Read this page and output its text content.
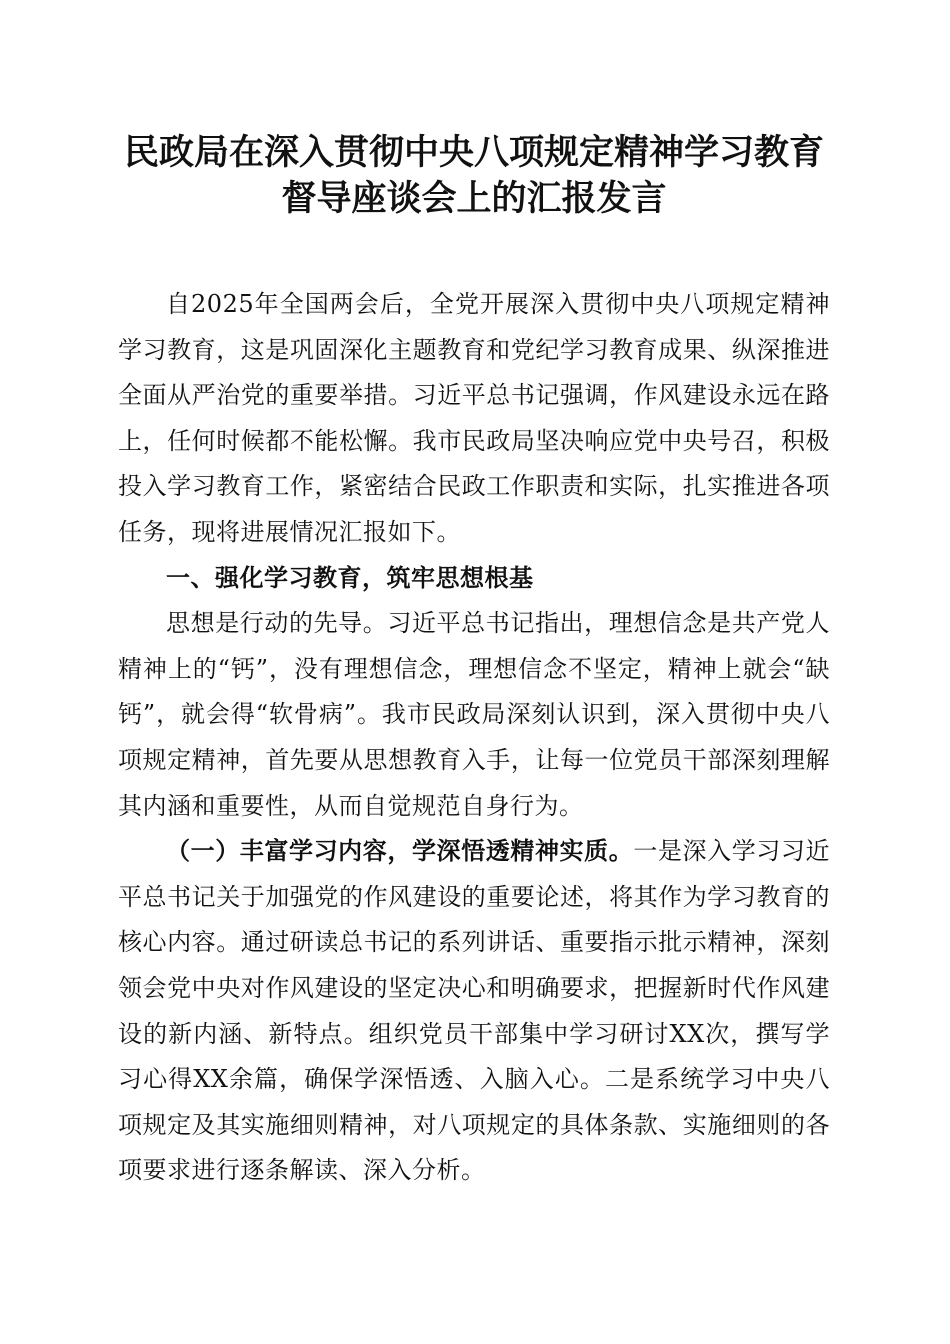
民政局在深入贯彻中央八项规定精神学习教育
督导座谈会上的汇报发言

自2025年全国两会后，全党开展深入贯彻中央八项规定精神学习教育，这是巩固深化主题教育和党纪学习教育成果、纵深推进全面从严治党的重要举措。习近平总书记强调，作风建设永远在路上，任何时候都不能松懈。我市民政局坚决响应党中央号召，积极投入学习教育工作，紧密结合民政工作职责和实际，扎实推进各项任务，现将进展情况汇报如下。

一、强化学习教育，筑牢思想根基

思想是行动的先导。习近平总书记指出，理想信念是共产党人精神上的“钙”，没有理想信念，理想信念不坚定，精神上就会“缺钙”，就会得“软骨病”。我市民政局深刻认识到，深入贯彻中央八项规定精神，首先要从思想教育入手，让每一位党员干部深刻理解其内涵和重要性，从而自觉规范自身行为。

（一）丰富学习内容，学深悟透精神实质。一是深入学习习近平总书记关于加强党的作风建设的重要论述，将其作为学习教育的核心内容。通过研读总书记的系列讲话、重要指示批示精神，深刻领会党中央对作风建设的坚定决心和明确要求，把握新时代作风建设的新内涵、新特点。组织党员干部集中学习研讨XX次，撰写学习心得XX余篇，确保学深悟透、入脑入心。二是系统学习中央八项规定及其实施细则精神，对八项规定的具体条款、实施细则的各项要求进行逐条解读、深入分析。
